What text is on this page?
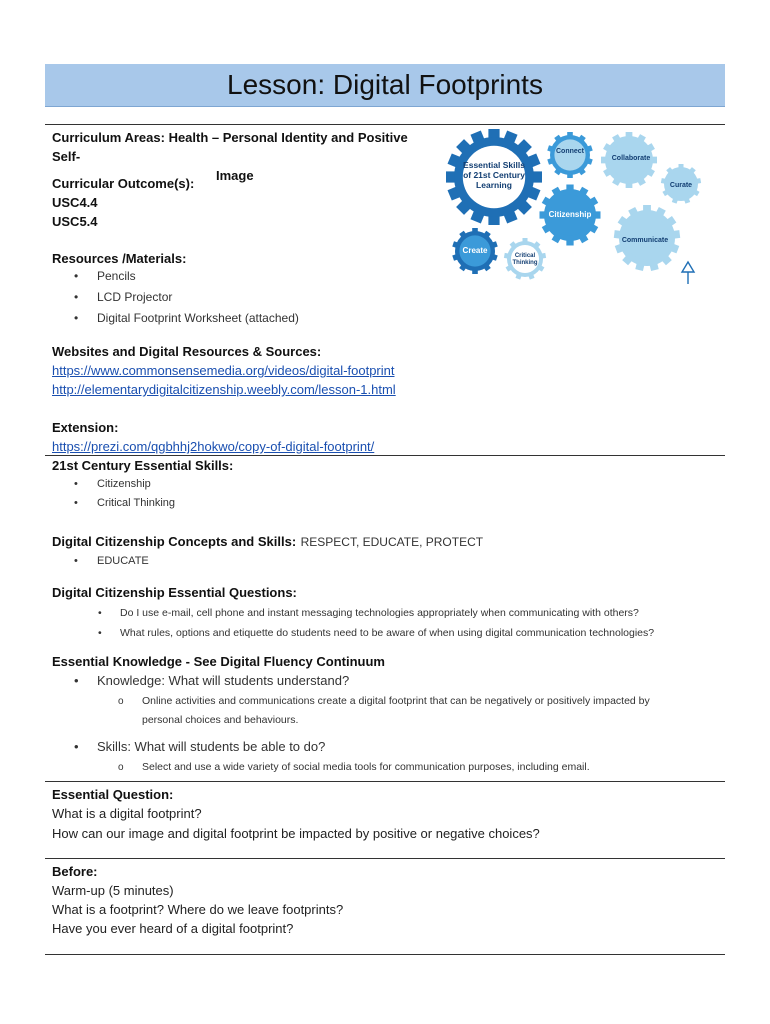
Lesson: Digital Footprints
Curriculum Areas: Health – Personal Identity and Positive Self-
Image
Curricular Outcome(s):
USC4.4
USC5.4
Resources /Materials:
• Pencils
• LCD Projector
• Digital Footprint Worksheet (attached)
Essential Skills
of 21st Century
Learning
Connect
Collaborate
Curate
Citizenship
Communicate
Create
Critical
Thinking
Websites and Digital Resources & Sources:
https://www.commonsensemedia.org/videos/digital-footprint
http://elementarydigitalcitizenship.weebly.com/lesson-1.html
Extension:
https://prezi.com/qgbhhj2hokwo/copy-of-digital-footprint/
21st Century Essential Skills:
• Citizenship
• Critical Thinking
Digital Citizenship Concepts and Skills: RESPECT, EDUCATE, PROTECT
• EDUCATE
Digital Citizenship Essential Questions:
• Do I use e-mail, cell phone and instant messaging technologies appropriately when communicating with others?
• What rules, options and etiquette do students need to be aware of when using digital communication technologies?
Essential Knowledge - See Digital Fluency Continuum
• Knowledge: What will students understand?
o Online activities and communications create a digital footprint that can be negatively or positively impacted by
personal choices and behaviours.
• Skills: What will students be able to do?
o Select and use a wide variety of social media tools for communication purposes, including email.
Essential Question:
What is a digital footprint?
How can our image and digital footprint be impacted by positive or negative choices?
Before:
Warm-up (5 minutes)
What is a footprint? Where do we leave footprints?
Have you ever heard of a digital footprint?
